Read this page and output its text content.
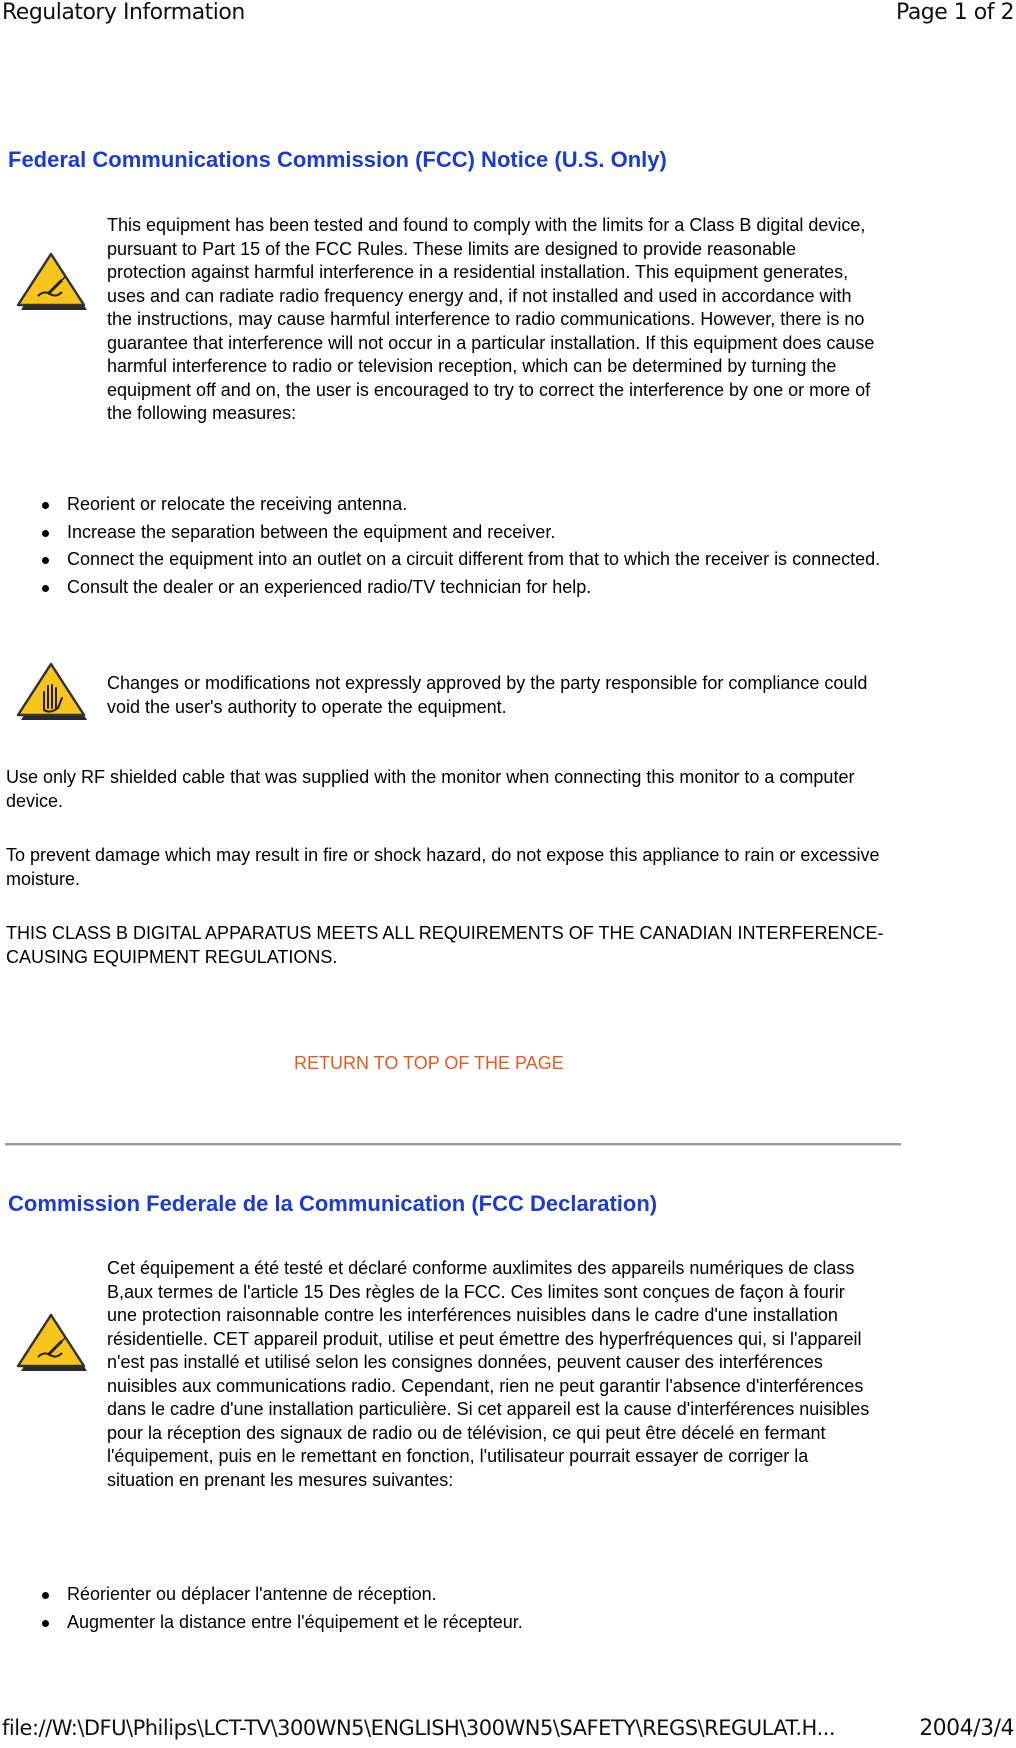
Regulatory Information	Page 1 of 2
Federal Communications Commission (FCC) Notice (U.S. Only)

This equipment has been tested and found to comply with the limits for a Class B digital device, pursuant to Part 15 of the FCC Rules. These limits are designed to provide reasonable protection against harmful interference in a residential installation. This equipment generates, uses and can radiate radio frequency energy and, if not installed and used in accordance with the instructions, may cause harmful interference to radio communications. However, there is no guarantee that interference will not occur in a particular installation. If this equipment does cause harmful interference to radio or television reception, which can be determined by turning the equipment off and on, the user is encouraged to try to correct the interference by one or more of the following measures:

Reorient or relocate the receiving antenna.
Increase the separation between the equipment and receiver.
Connect the equipment into an outlet on a circuit different from that to which the receiver is connected.
Consult the dealer or an experienced radio/TV technician for help.

Changes or modifications not expressly approved by the party responsible for compliance could void the user's authority to operate the equipment.

Use only RF shielded cable that was supplied with the monitor when connecting this monitor to a computer device.

To prevent damage which may result in fire or shock hazard, do not expose this appliance to rain or excessive moisture.

THIS CLASS B DIGITAL APPARATUS MEETS ALL REQUIREMENTS OF THE CANADIAN INTERFERENCE-CAUSING EQUIPMENT REGULATIONS.

RETURN TO TOP OF THE PAGE
Commission Federale de la Communication (FCC Declaration)

Cet équipement a été testé et déclaré conforme auxlimites des appareils numériques de class B,aux termes de l'article 15 Des règles de la FCC. Ces limites sont conçues de façon à fourir une protection raisonnable contre les interférences nuisibles dans le cadre d'une installation résidentielle. CET appareil produit, utilise et peut émettre des hyperfréquences qui, si l'appareil n'est pas installé et utilisé selon les consignes données, peuvent causer des interférences nuisibles aux communications radio. Cependant, rien ne peut garantir l'absence d'interférences dans le cadre d'une installation particulière. Si cet appareil est la cause d'interférences nuisibles pour la réception des signaux de radio ou de télévision, ce qui peut être décelé en fermant l'équipement, puis en le remettant en fonction, l'utilisateur pourrait essayer de corriger la situation en prenant les mesures suivantes:

Réorienter ou déplacer l'antenne de réception.
Augmenter la distance entre l'équipement et le récepteur.
file://W:\DFU\Philips\LCT-TV\300WN5\ENGLISH\300WN5\SAFETY\REGS\REGULAT.H...	2004/3/4
